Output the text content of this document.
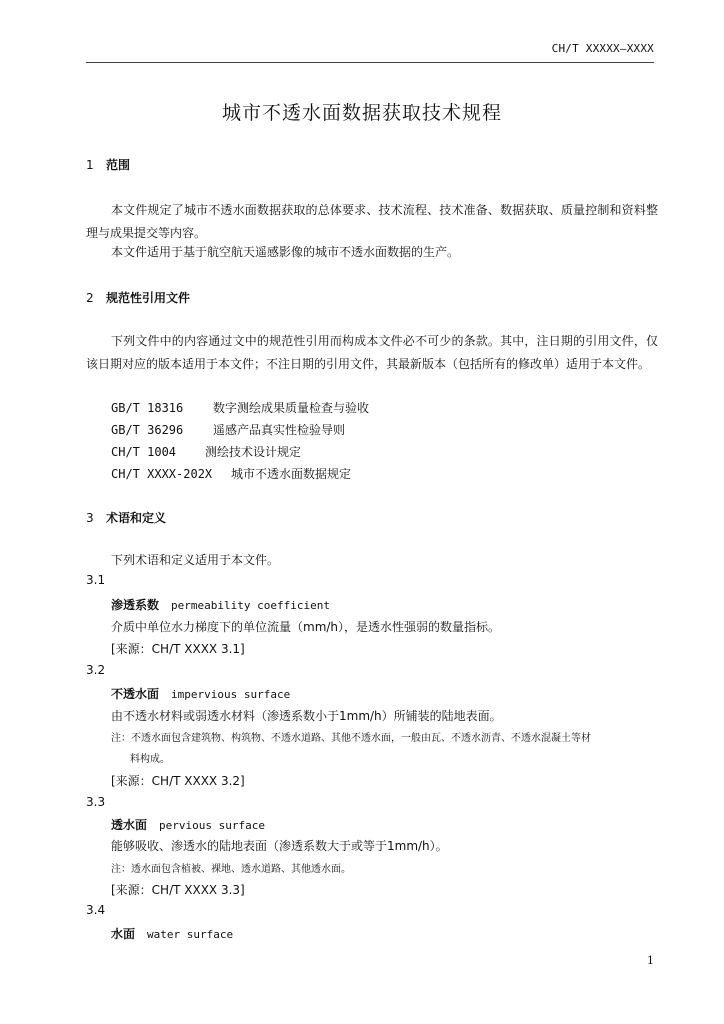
CH/T XXXXX—XXXX
城市不透水面数据获取技术规程
1 范围
本文件规定了城市不透水面数据获取的总体要求、技术流程、技术准备、数据获取、质量控制和资料整理与成果提交等内容。
本文件适用于基于航空航天遥感影像的城市不透水面数据的生产。
2 规范性引用文件
下列文件中的内容通过文中的规范性引用而构成本文件必不可少的条款。其中，注日期的引用文件，仅该日期对应的版本适用于本文件；不注日期的引用文件，其最新版本（包括所有的修改单）适用于本文件。
GB/T 18316 数字测绘成果质量检查与验收
GB/T 36296 遥感产品真实性检验导则
CH/T 1004 测绘技术设计规定
CH/T XXXX-202X 城市不透水面数据规定
3 术语和定义
下列术语和定义适用于本文件。
3.1
渗透系数 permeability coefficient
介质中单位水力梯度下的单位流量（mm/h），是透水性强弱的数量指标。
[来源：CH/T XXXX 3.1]
3.2
不透水面 impervious surface
由不透水材料或弱透水材料（渗透系数小于1mm/h）所铺装的陆地表面。
注：不透水面包含建筑物、构筑物、不透水道路、其他不透水面，一般由瓦、不透水沥青、不透水混凝土等材
料构成。
[来源：CH/T XXXX 3.2]
3.3
透水面 pervious surface
能够吸收、渗透水的陆地表面（渗透系数大于或等于1mm/h）。
注：透水面包含植被、裸地、透水道路、其他透水面。
[来源：CH/T XXXX 3.3]
3.4
水面 water surface
1
